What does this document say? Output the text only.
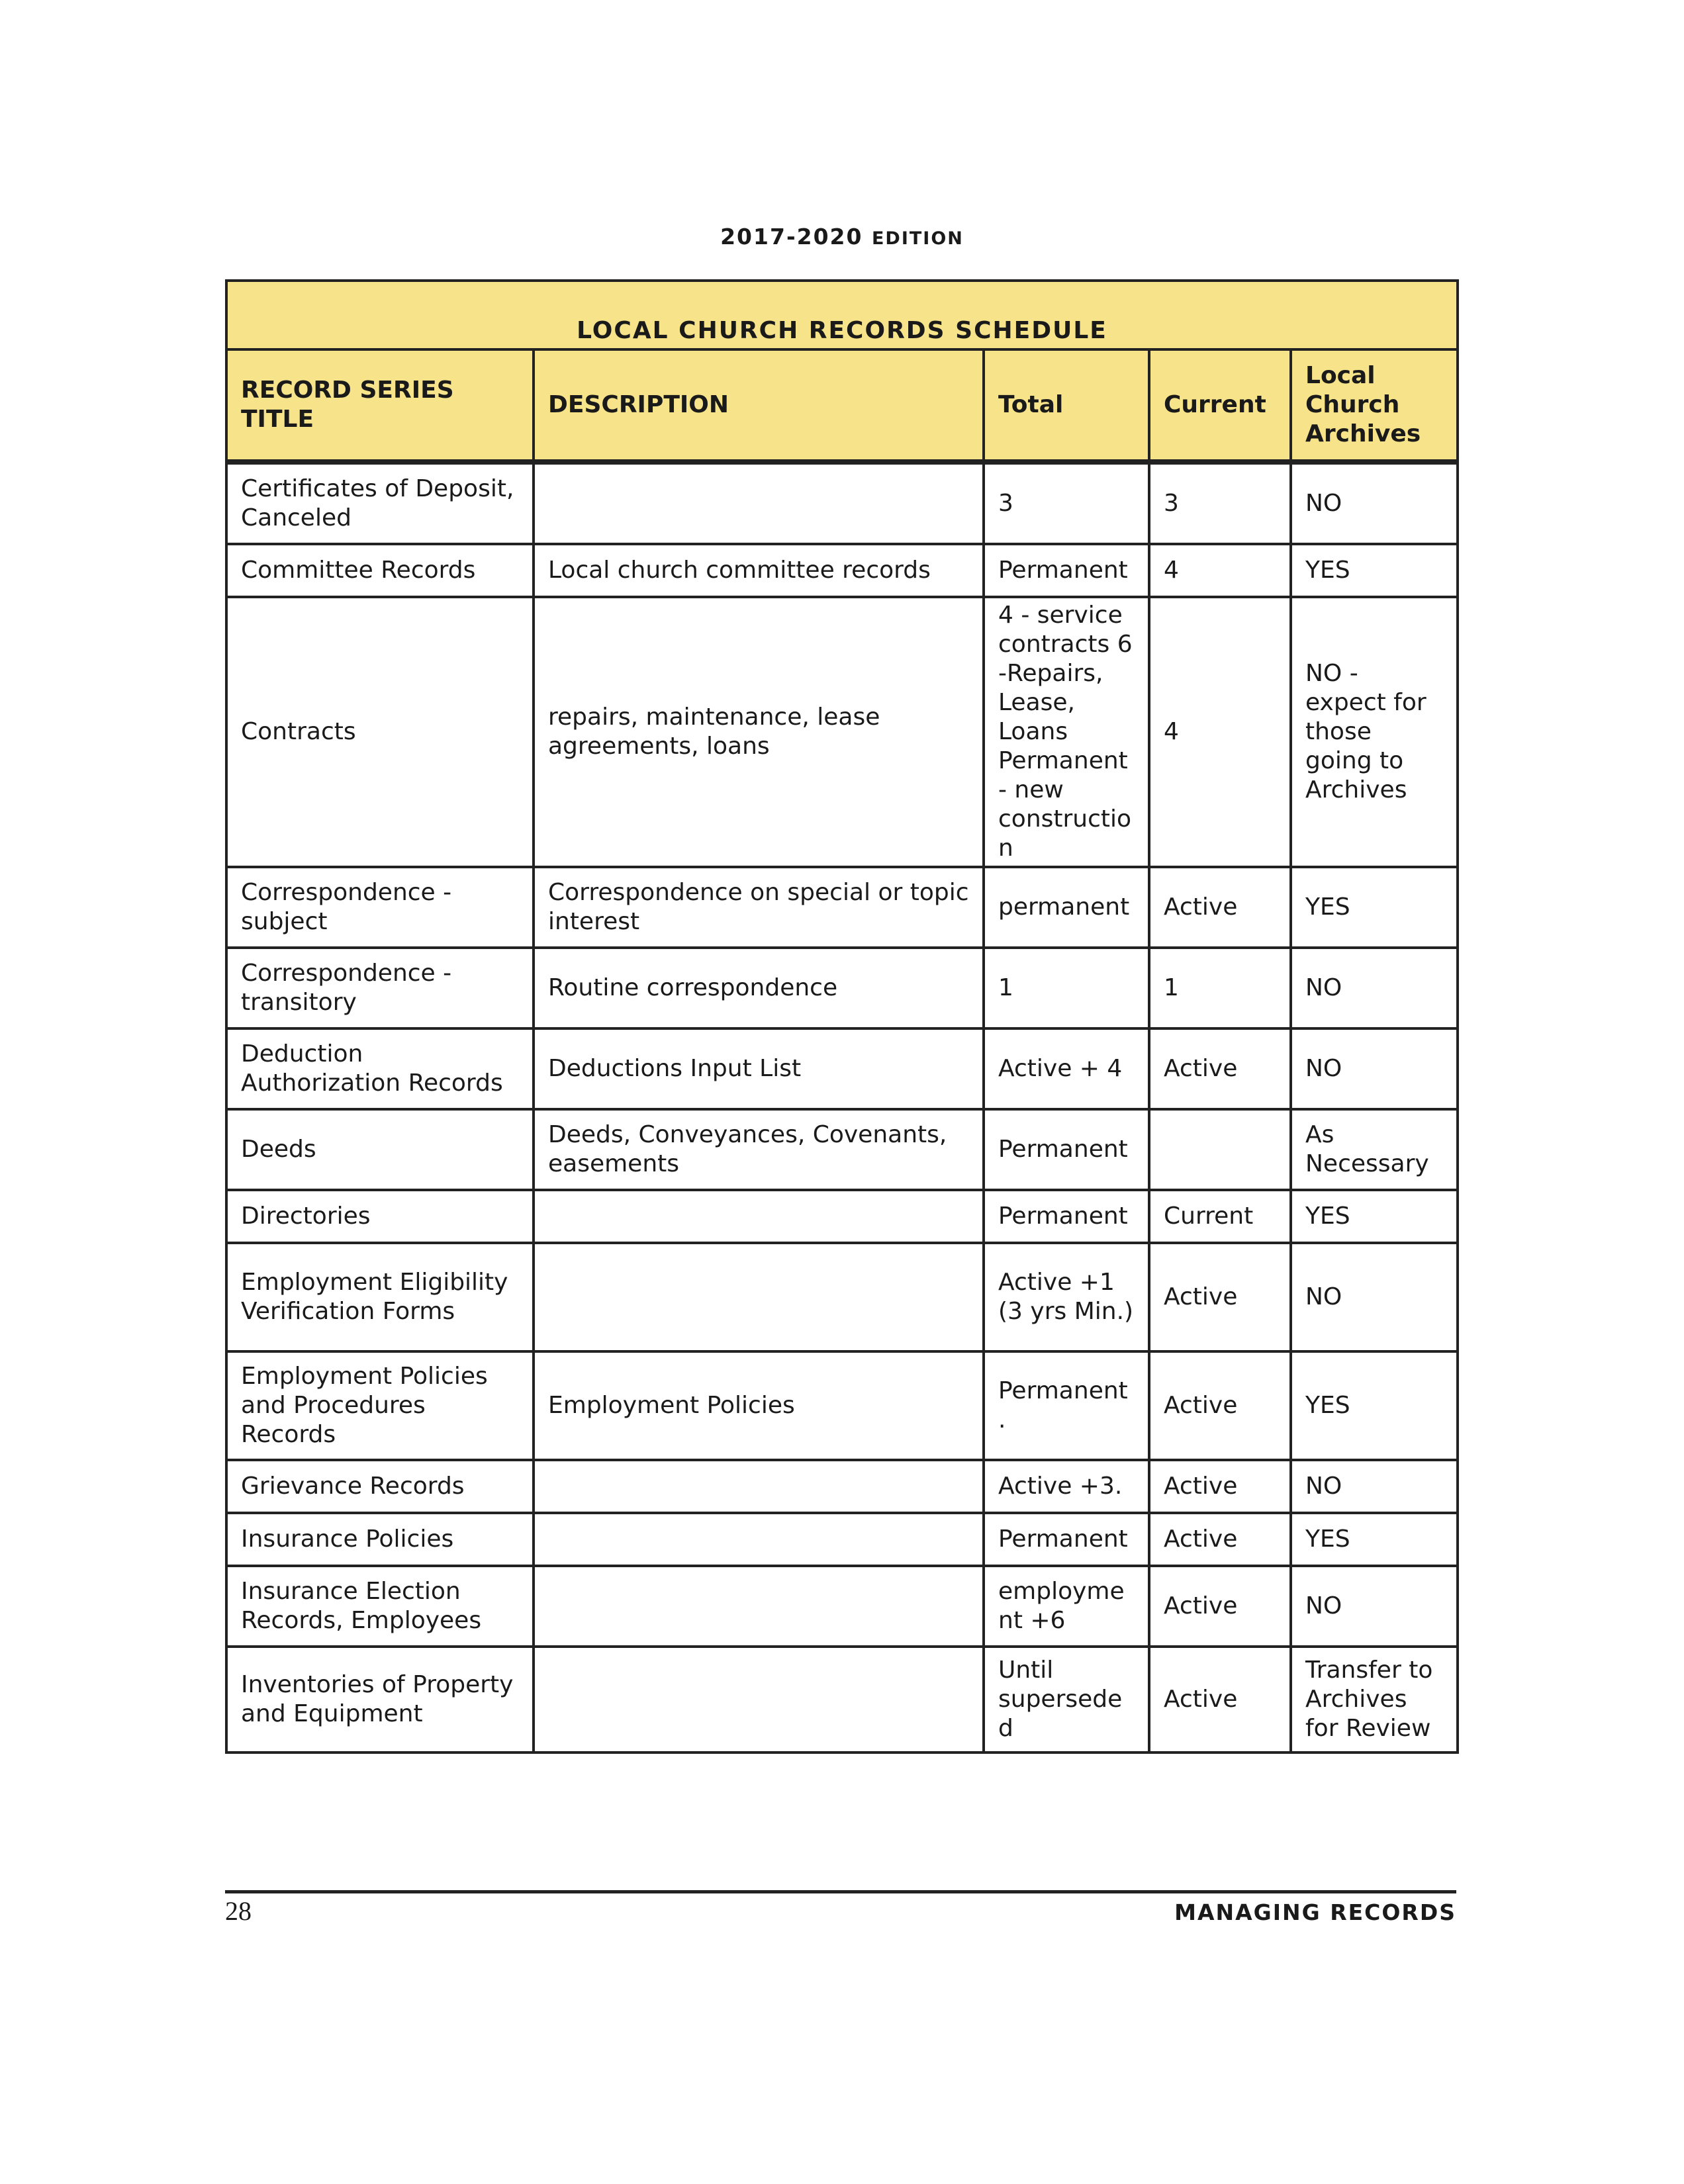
2017-2020 EDITION
LOCAL CHURCH RECORDS SCHEDULE				
RECORD SERIES TITLE	DESCRIPTION	Total	Current	Local Church Archives
Certificates of Deposit, Canceled		3	3	NO
Committee Records	Local church committee records	Permanent	4	YES
Contracts	repairs, maintenance, lease agreements, loans	4 - service contracts 6 -Repairs, Lease, Loans Permanent - new constructio n	4	NO - expect for those going to Archives
Correspondence - subject	Correspondence on special or topic interest	permanent	Active	YES
Correspondence - transitory	Routine correspondence	1	1	NO
Deduction Authorization Records	Deductions Input List	Active + 4	Active	NO
Deeds	Deeds, Conveyances, Covenants, easements	Permanent		As Necessary
Directories		Permanent	Current	YES
Employment Eligibility Verification Forms		Active +1 (3 yrs Min.)	Active	NO
Employment Policies and Procedures Records	Employment Policies	Permanent .	Active	YES
Grievance Records		Active +3.	Active	NO
Insurance Policies		Permanent	Active	YES
Insurance Election Records, Employees		employme nt +6	Active	NO
Inventories of Property and Equipment		Until supersede d	Active	Transfer to Archives for Review
28	MANAGING RECORDS
